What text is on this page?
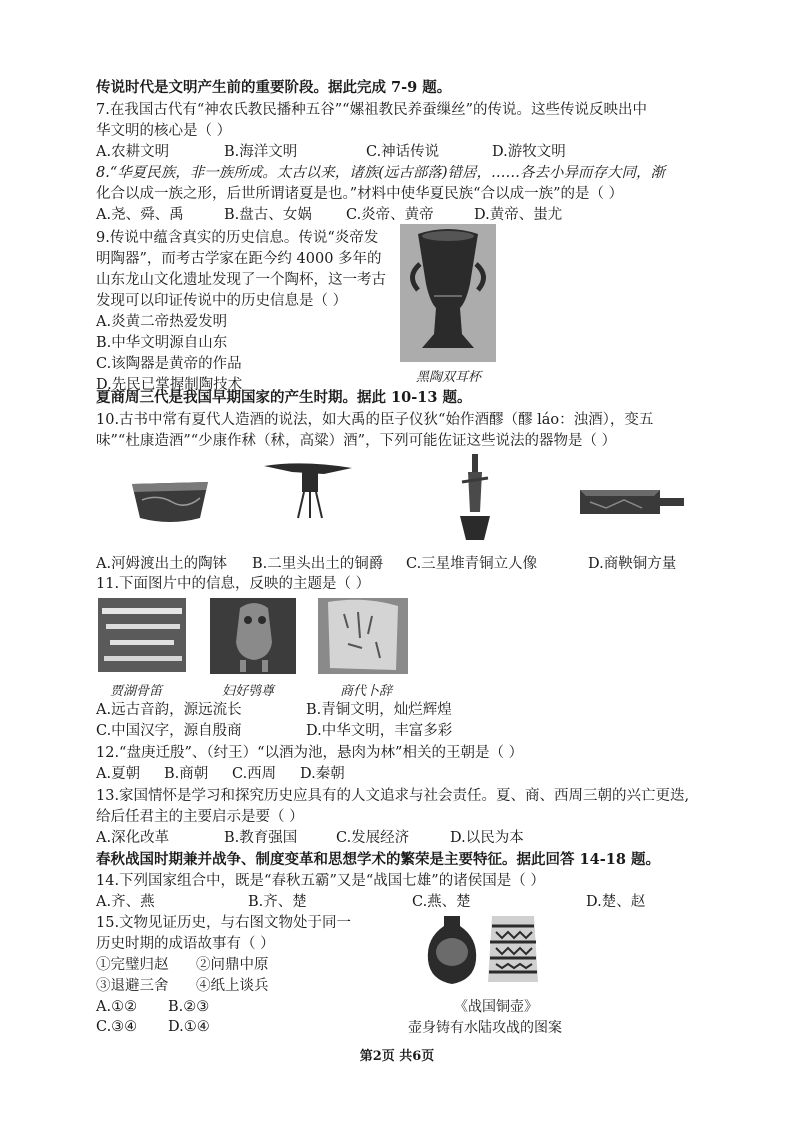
传说时代是文明产生前的重要阶段。据此完成 7-9 题。
7.在我国古代有“神农氏教民播种五谷”“嫘祖教民养蚕缫丝”的传说。这些传说反映出中
华文明的核心是（ ）
A.农耕文明	B.海洋文明	C.神话传说	D.游牧文明
8.“华夏民族，非一族所成。太古以来，诸族(远古部落)错居，……各去小异而存大同，渐
化合以成一族之形，后世所谓诸夏是也。”材料中使华夏民族“合以成一族”的是（ ）
A.尧、舜、禹	B.盘古、女娲 C.炎帝、黄帝	D.黄帝、蚩尤
9.传说中蕴含真实的历史信息。传说“炎帝发
明陶器”，而考古学家在距今约 4000 多年的
山东龙山文化遗址发现了一个陶杯，这一考古
发现可以印证传说中的历史信息是（ ）
A.炎黄二帝热爱发明
B.中华文明源自山东
C.该陶器是黄帝的作品
D.先民已掌握制陶技术	黑陶双耳杯
夏商周三代是我国早期国家的产生时期。据此 10-13 题。
10.古书中常有夏代人造酒的说法，如大禹的臣子仪狄“始作酒醪（醪 láo：浊酒），变五
味”“杜康造酒”“少康作秫（秫，高粱）酒”，下列可能佐证这些说法的器物是（ ）
A.河姆渡出土的陶钵 B.二里头出土的铜爵 C.三星堆青铜立人像	D.商鞅铜方量
11.下面图片中的信息，反映的主题是（ ）
贾湖骨笛	妇好鸮尊	商代卜辞
A.远古音韵，源远流长	B.青铜文明，灿烂辉煌
C.中国汉字，源自殷商	D.中华文明，丰富多彩
12.“盘庚迁殷”、（纣王）“以酒为池，悬肉为林”相关的王朝是（ ）
A.夏朝 B.商朝 C.西周 D.秦朝
13.家国情怀是学习和探究历史应具有的人文追求与社会责任。夏、商、西周三朝的兴亡更迭,
给后任君主的主要启示是要（ ）
A.深化改革	B.教育强国	C.发展经济	D.以民为本
春秋战国时期兼并战争、制度变革和思想学术的繁荣是主要特征。据此回答 14-18 题。
14.下列国家组合中，既是“春秋五霸”又是“战国七雄”的诸侯国是（ ）
A.齐、燕	B.齐、楚	C.燕、楚	D.楚、赵
15.文物见证历史，与右图文物处于同一
历史时期的成语故事有（ ）
①完璧归赵 ②问鼎中原
③退避三舍 ④纸上谈兵
A.①② B.②③
C.③④ D.①④
《战国铜壶》
壶身铸有水陆攻战的图案
第2页 共6页
